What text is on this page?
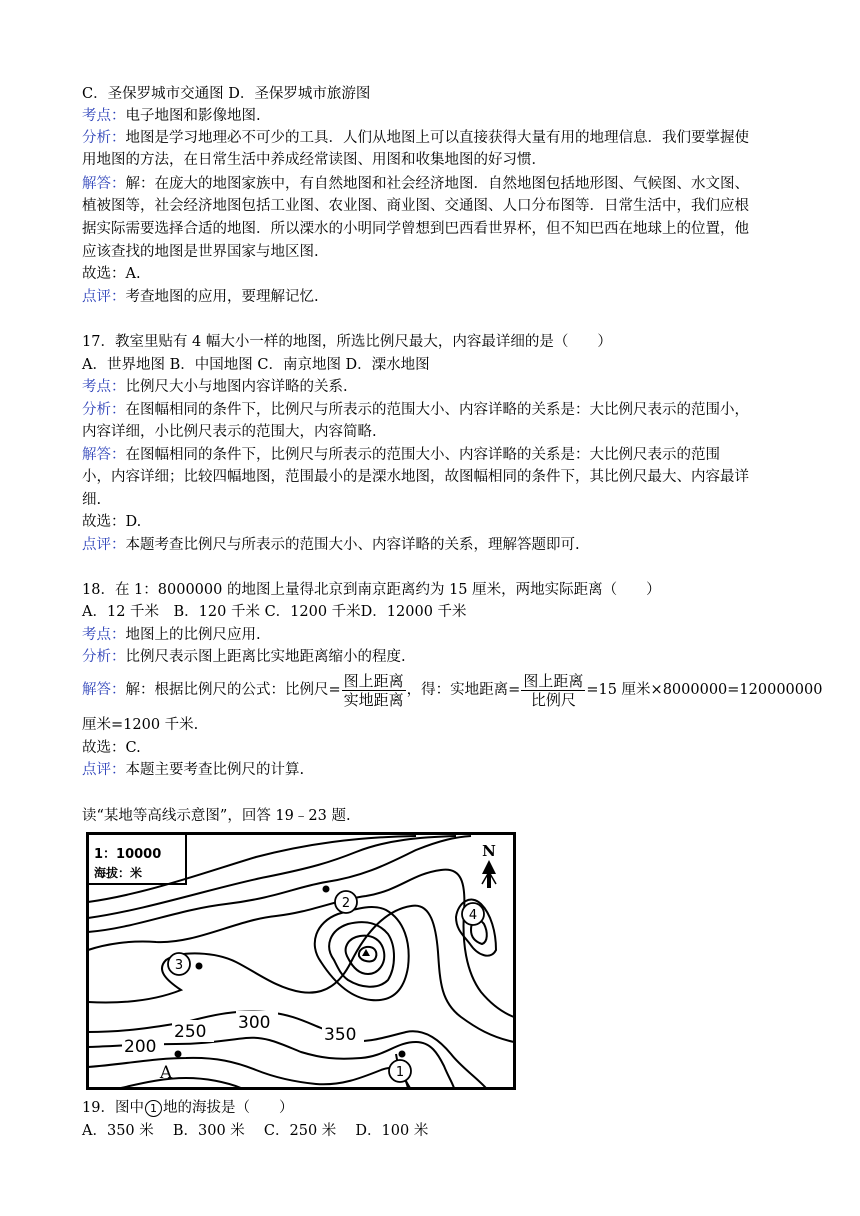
C．圣保罗城市交通图 D．圣保罗城市旅游图
考点：电子地图和影像地图.
分析：地图是学习地理必不可少的工具．人们从地图上可以直接获得大量有用的地理信息．我们要掌握使
用地图的方法，在日常生活中养成经常读图、用图和收集地图的好习惯．
解答：解：在庞大的地图家族中，有自然地图和社会经济地图．自然地图包括地形图、气候图、水文图、
植被图等，社会经济地图包括工业图、农业图、商业图、交通图、人口分布图等．日常生活中，我们应根
据实际需要选择合适的地图．所以溧水的小明同学曾想到巴西看世界杯，但不知巴西在地球上的位置，他
应该查找的地图是世界国家与地区图.
故选：A.
点评：考查地图的应用，要理解记忆.
17．教室里贴有 4 幅大小一样的地图，所选比例尺最大，内容最详细的是（　　）
A．世界地图 B．中国地图 C．南京地图 D．溧水地图
考点：比例尺大小与地图内容详略的关系.
分析：在图幅相同的条件下，比例尺与所表示的范围大小、内容详略的关系是：大比例尺表示的范围小，
内容详细，小比例尺表示的范围大，内容简略.
解答：在图幅相同的条件下，比例尺与所表示的范围大小、内容详略的关系是：大比例尺表示的范围
小，内容详细；比较四幅地图，范围最小的是溧水地图，故图幅相同的条件下，其比例尺最大、内容最详
细.
故选：D.
点评：本题考查比例尺与所表示的范围大小、内容详略的关系，理解答题即可.
18．在 1：8000000 的地图上量得北京到南京距离约为 15 厘米，两地实际距离（　　）
A．12 千米　B．120 千米 C．1200 千米D．12000 千米
考点：地图上的比例尺应用.
分析：比例尺表示图上距离比实地距离缩小的程度.
解答：解：根据比例尺的公式：比例尺= $\frac{\text{图上距离}}{\text{实地距离}}$ ，得：实地距离= $\frac{\text{图上距离}}{\text{比例尺}} =15$ 厘米×8000000=120000000
厘米=1200 千米.
故选：C.
点评：本题主要考查比例尺的计算.
读“某地等高线示意图”，回答 19﹣23 题.
1：10000
海拔：米
N
250 300
350
200
1
2
3
4
A
19．图中 1 地的海拔是（　　）
A．350 米　 B．300 米　 C．250 米　 D．100 米
